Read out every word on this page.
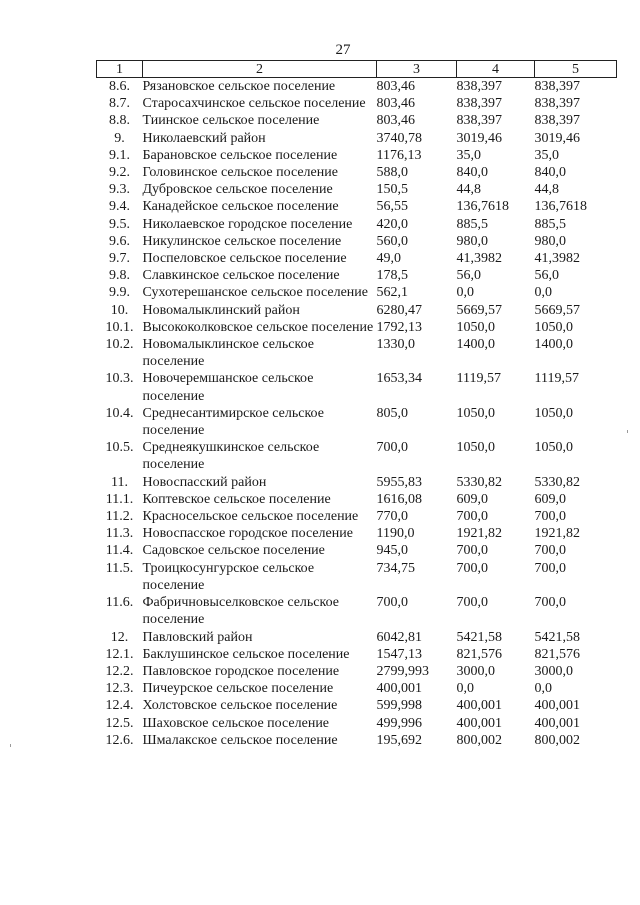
27
1	2	3	4	5
8.6.	Рязановское сельское поселение	803,46	838,397	838,397
8.7.	Старосахчинское сельское поселение	803,46	838,397	838,397
8.8.	Тиинское сельское поселение	803,46	838,397	838,397
9.	Николаевский район	3740,78	3019,46	3019,46
9.1.	Барановское сельское поселение	1176,13	35,0	35,0
9.2.	Головинское сельское поселение	588,0	840,0	840,0
9.3.	Дубровское сельское поселение	150,5	44,8	44,8
9.4.	Канадейское сельское поселение	56,55	136,7618	136,7618
9.5.	Николаевское городское поселение	420,0	885,5	885,5
9.6.	Никулинское сельское поселение	560,0	980,0	980,0
9.7.	Поспеловское сельское поселение	49,0	41,3982	41,3982
9.8.	Славкинское сельское поселение	178,5	56,0	56,0
9.9.	Сухотерешанское сельское поселение	562,1	0,0	0,0
10.	Новомалыклинский район	6280,47	5669,57	5669,57
10.1.	Высококолковское сельское поселение	1792,13	1050,0	1050,0
10.2.	Новомалыклинское сельское поселение	1330,0	1400,0	1400,0
10.3.	Новочеремшанское сельское поселение	1653,34	1119,57	1119,57
10.4.	Среднесантимирское сельское поселение	805,0	1050,0	1050,0
10.5.	Среднеякушкинское сельское поселение	700,0	1050,0	1050,0
11.	Новоспасский район	5955,83	5330,82	5330,82
11.1.	Коптевское сельское поселение	1616,08	609,0	609,0
11.2.	Красносельское сельское поселение	770,0	700,0	700,0
11.3.	Новоспасское городское поселение	1190,0	1921,82	1921,82
11.4.	Садовское сельское поселение	945,0	700,0	700,0
11.5.	Троицкосунгурское сельское поселение	734,75	700,0	700,0
11.6.	Фабричновыселковское сельское поселение	700,0	700,0	700,0
12.	Павловский район	6042,81	5421,58	5421,58
12.1.	Баклушинское сельское поселение	1547,13	821,576	821,576
12.2.	Павловское городское поселение	2799,993	3000,0	3000,0
12.3.	Пичеурское сельское поселение	400,001	0,0	0,0
12.4.	Холстовское сельское поселение	599,998	400,001	400,001
12.5.	Шаховское сельское поселение	499,996	400,001	400,001
12.6.	Шмалакское сельское поселение	195,692	800,002	800,002
